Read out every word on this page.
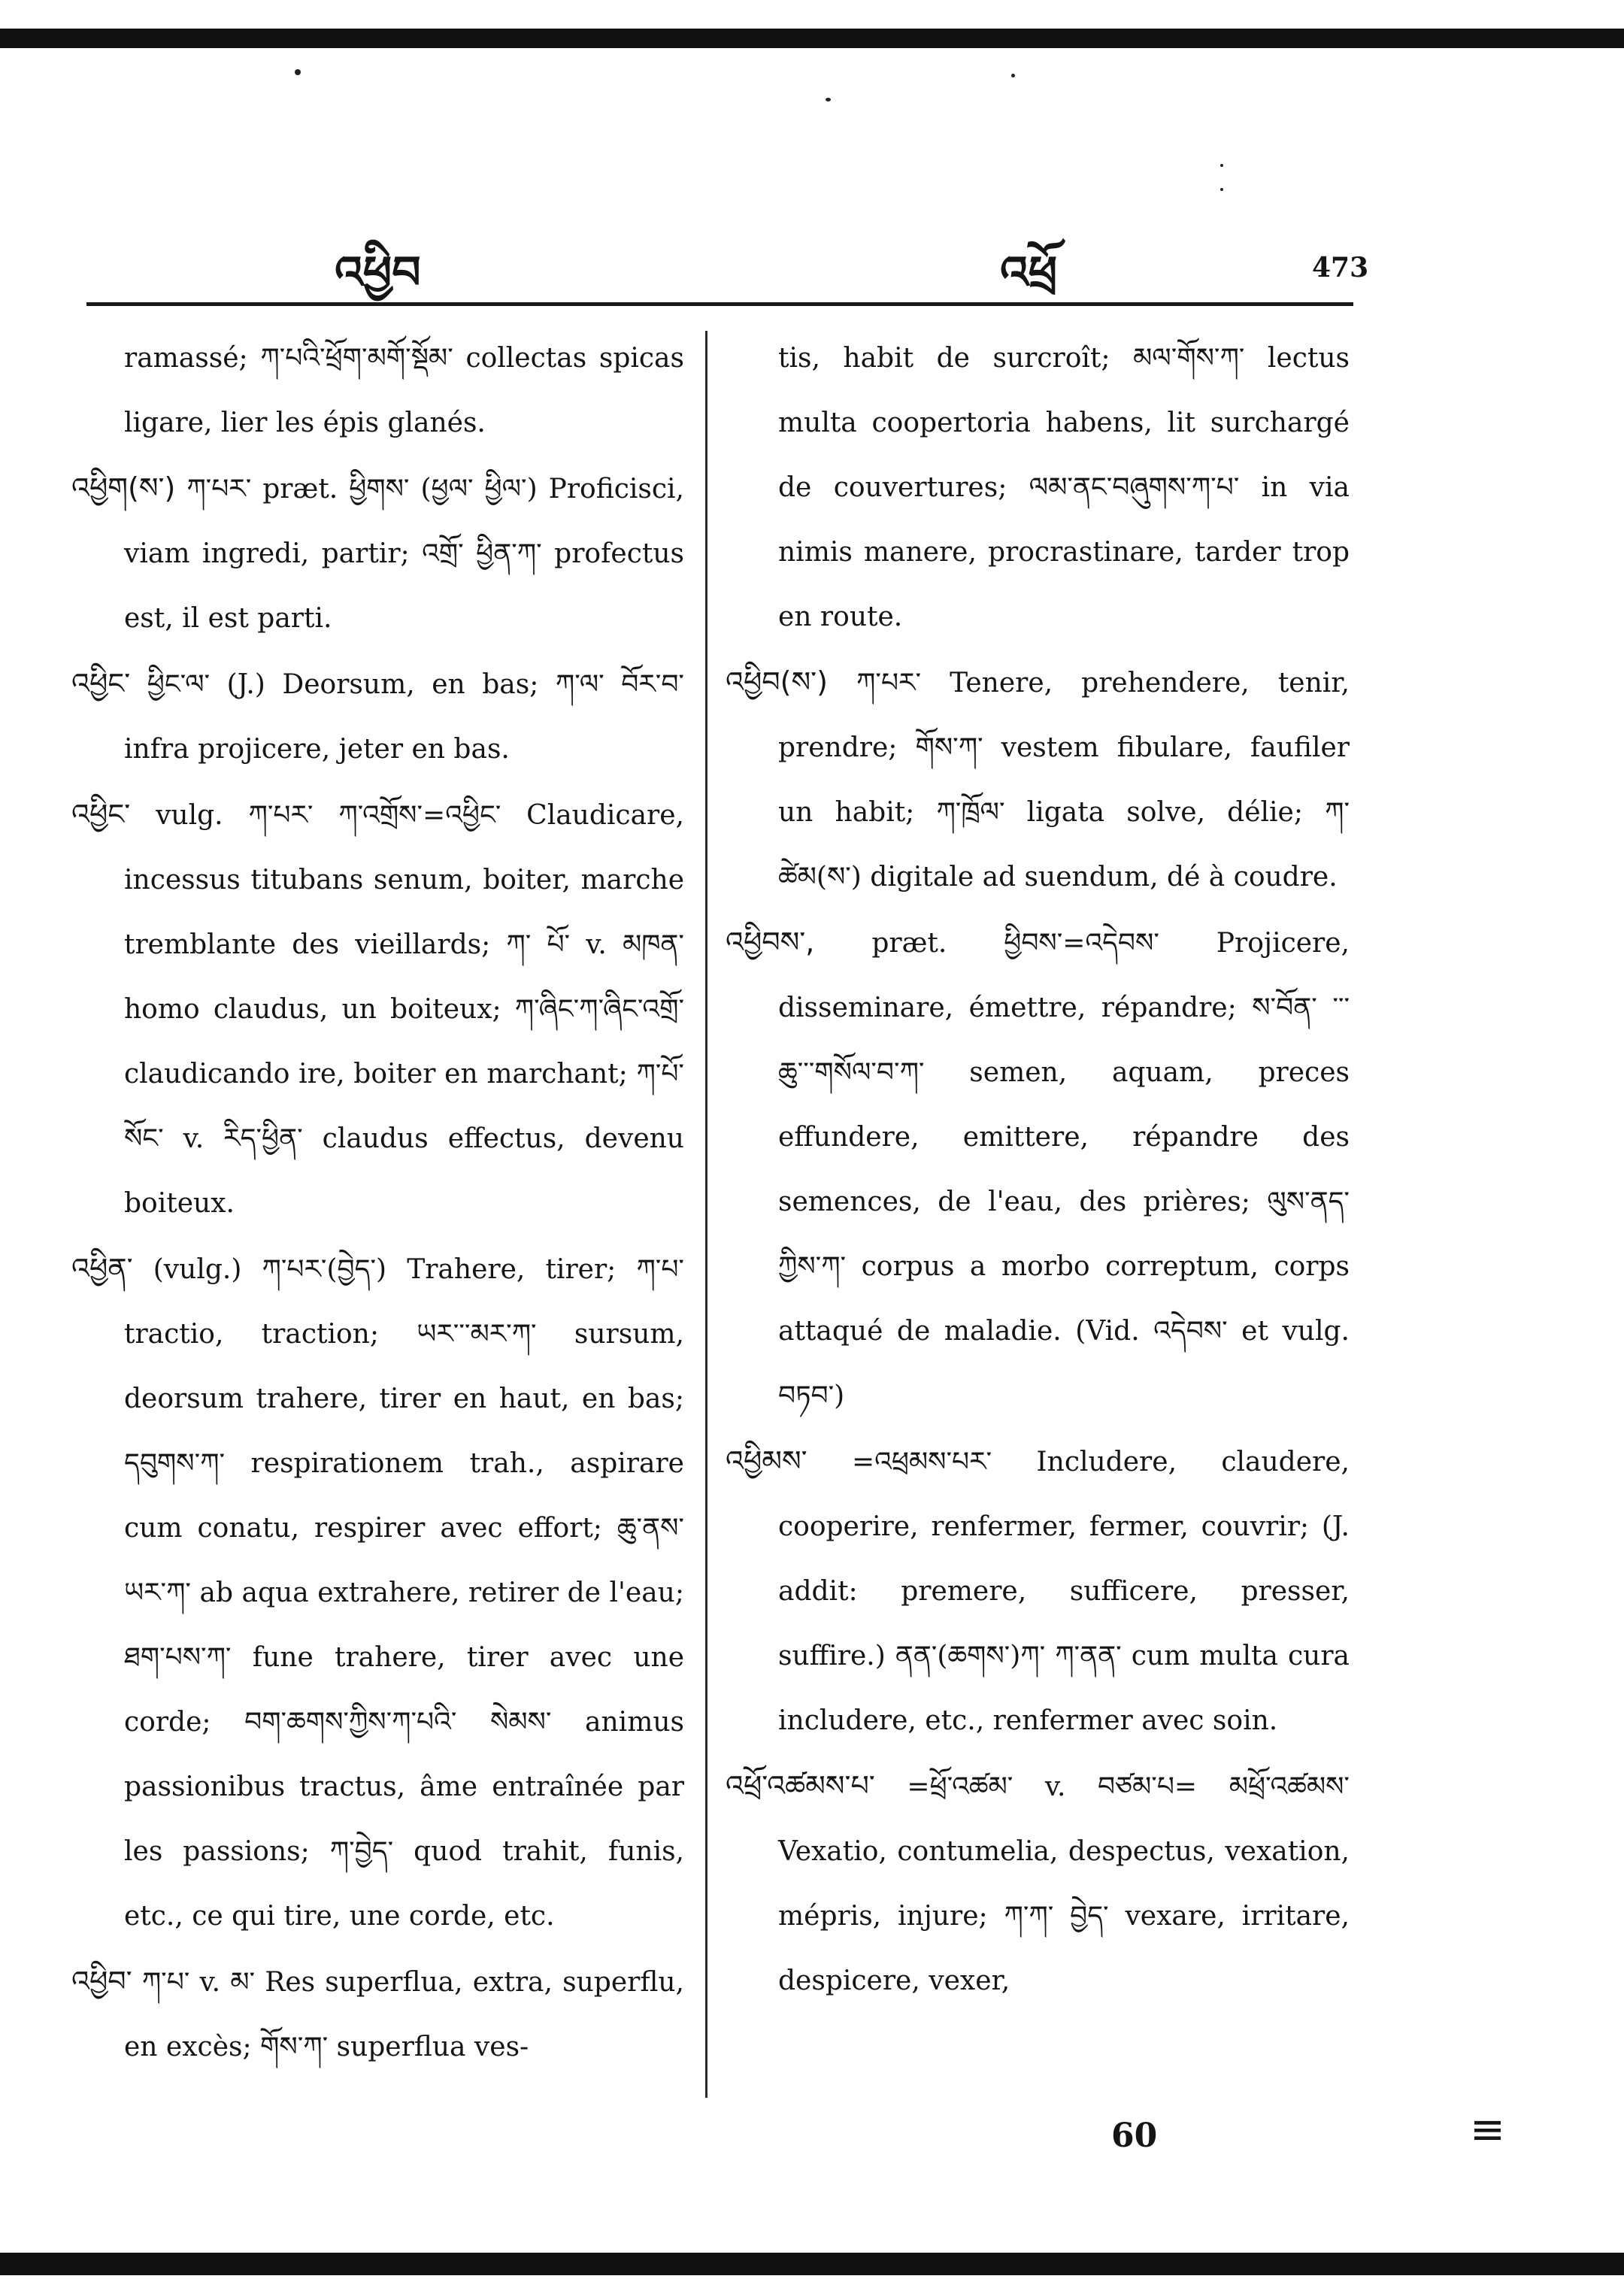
འཕྱིབ	འཕྲོ	473

ramassé; ཀ་པའི་ཕྲོག་མགོ་སྡོམ་ collectas spicas ligare, lier les épis glanés.

འཕྱིག(ས་) ཀ་པར་ præt. ཕྱིགས་ (ཕྱལ་ ཕྱིལ་) Proficisci, viam ingredi, partir; འགྲོ་ ཕྱིན་ཀ་ profectus est, il est parti.

འཕྱིང་ ཕྱིང་ལ་ (J.) Deorsum, en bas; ཀ་ལ་ བོར་བ་ infra projicere, jeter en bas.

འཕྱིང་ vulg. ཀ་པར་ ཀ་འགྲོས་=འཕྱིང་ Claudicare, incessus titubans senum, boiter, marche tremblante des vieillards; ཀ་ པོ་ v. མཁན་ homo claudus, un boiteux; ཀ་ཞིང་ཀ་ཞིང་འགྲོ་ claudicando ire, boiter en marchant; ཀ་པོ་སོང་ v. རིད་ཕྱིན་ claudus effectus, devenu boiteux.

འཕྱིན་ (vulg.) ཀ་པར་(བྱེད་) Trahere, tirer; ཀ་པ་ tractio, traction; ཡར་་་མར་ཀ་ sursum, deorsum trahere, tirer en haut, en bas; དབུགས་ཀ་ respirationem trah., aspirare cum conatu, respirer avec effort; ཆུ་ནས་ཡར་ཀ་ ab aqua extrahere, retirer de l'eau; ཐག་པས་ཀ་ fune trahere, tirer avec une corde; བག་ཆགས་ཀྱིས་ཀ་པའི་ སེམས་ animus passionibus tractus, âme entraînée par les passions; ཀ་བྱེད་ quod trahit, funis, etc., ce qui tire, une corde, etc.

འཕྱིབ་ ཀ་པ་ v. མ་ Res superflua, extra, superflu, en excès; གོས་ཀ་ superflua ves-

tis, habit de surcroît; མལ་གོས་ཀ་ lectus multa coopertoria habens, lit surchargé de couvertures; ལམ་ནང་བཞུགས་ཀ་པ་ in via nimis manere, procrastinare, tarder trop en route.

འཕྱིབ(ས་) ཀ་པར་ Tenere, prehendere, tenir, prendre; གོས་ཀ་ vestem fibulare, faufiler un habit; ཀ་ཁྲོལ་ ligata solve, délie; ཀ་ཚེམ(ས་) digitale ad suendum, dé à coudre.

འཕྱིབས་, præt. ཕྱིབས་=འདེབས་ Projicere, disseminare, émettre, répandre; ས་བོན་ ་་་ཆུ་་་གསོལ་བ་ཀ་ semen, aquam, preces effundere, emittere, répandre des semences, de l'eau, des prières; ལུས་ནད་ ཀྱིས་ཀ་ corpus a morbo correptum, corps attaqué de maladie. (Vid. འདེབས་ et vulg. བཏབ་)

འཕྱིམས་ =འཕྲམས་པར་ Includere, claudere, cooperire, renfermer, fermer, couvrir; (J. addit: premere, sufficere, presser, suffire.) ནན་(ཆགས་)ཀ་ ཀ་ནན་ cum multa cura includere, etc., renfermer avec soin.

འཕྲོ་འཚམས་པ་ =ཕྲོ་འཚམ་ v. བཙམ་པ= མཕྲོ་འཚམས་ Vexatio, contumelia, despectus, vexation, mépris, injure; ཀ་ཀ་ བྱེད་ vexare, irritare, despicere, vexer,

60	≡
